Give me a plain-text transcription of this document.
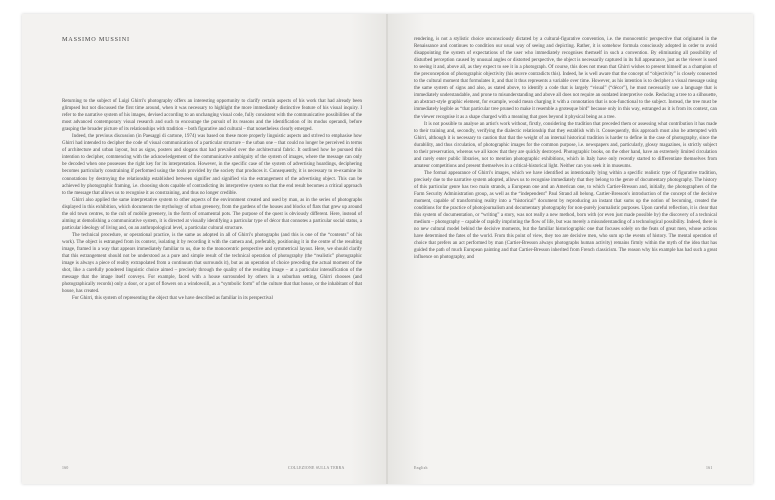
MASSIMO MUSSINI

Returning to the subject of Luigi Ghirri's photography offers an interesting opportunity to clarify certain aspects of his work that had already been glimpsed but not discussed the first time around, when it was necessary to highlight the more immediately distinctive feature of his visual inquiry. I refer to the narrative system of his images, devised according to an unchanging visual code, fully consistent with the communicative possibilities of the most advanced contemporary visual research and such to encourage the pursuit of its reasons and the identification of its modus operandi, before grasping the broader picture of its relationships with tradition – both figurative and cultural – that nonetheless clearly emerged.

Indeed, the previous discussion (in Paesaggi di cartone, 1974) was based on these more properly linguistic aspects and strived to emphasise how Ghirri had intended to decipher the code of visual communication of a particular structure – the urban one – that could no longer be perceived in terms of architecture and urban layout, but as signs, posters and slogans that had prevailed over the architectural fabric. It outlined how he pursued this intention to decipher, commencing with the acknowledgement of the communicative ambiguity of the system of images, where the message can only be decoded when one possesses the right key for its interpretation. However, in the specific case of the system of advertising hoardings, deciphering becomes particularly constraining if performed using the tools provided by the society that produces it. Consequently, it is necessary to re-examine its connotations by destroying the relationship established between signifier and signified via the estrangement of the advertising object. This can be achieved by photographic framing, i.e. choosing shots capable of contradicting its interpretive system so that the end result becomes a critical approach to the message that allows us to recognise it as constraining, and thus no longer credible.

Ghirri also applied the same interpretative system to other aspects of the environment created and used by man, as in the series of photographs displayed in this exhibition, which documents the mythology of urban greenery, from the gardens of the houses and blocks of flats that grew up around the old town centres, to the cult of mobile greenery, in the form of ornamental pots. The purpose of the quest is obviously different. Here, instead of aiming at demolishing a communicative system, it is directed at visually identifying a particular type of décor that connotes a particular social status, a particular ideology of living and, on an anthropological level, a particular cultural structure.

The technical procedure, or operational practice, is the same as adopted in all of Ghirri's photographs (and this is one of the “contents” of his work). The object is estranged from its context, isolating it by recording it with the camera and, preferably, positioning it in the centre of the resulting image, framed in a way that appears immediately familiar to us, due to the monocentric perspective and symmetrical layout. Here, we should clarify that this estrangement should not be understood as a pure and simple result of the technical operation of photography (the “realistic” photographic image is always a piece of reality extrapolated from a continuum that surrounds it), but as an operation of choice preceding the actual moment of the shot, like a carefully pondered linguistic choice aimed – precisely through the quality of the resulting image – at a particular intensification of the message that the image itself conveys. For example, faced with a house surrounded by others in a suburban setting, Ghirri chooses (and photographically records) only a door, or a pot of flowers on a windowsill, as a “symbolic form” of the culture that that house, or the inhabitant of that house, has created.

For Ghirri, this system of representing the object that we have described as familiar in its perspectival

160	COLLEZIONE SULLA TERRA

rendering, is not a stylistic choice unconsciously dictated by a cultural-figurative convention, i.e. the monocentric perspective that originated in the Renaissance and continues to condition our usual way of seeing and depicting. Rather, it is somehow formula consciously adopted in order to avoid disappointing the system of expectations of the user who immediately recognises themself in such a convention. By eliminating all possibility of disturbed perception caused by unusual angles or distorted perspective, the object is necessarily captured in its full appearance, just as the viewer is used to seeing it and, above all, as they expect to see it in a photograph. Of course, this does not mean that Ghirri wishes to present himself as a champion of the preconception of photographic objectivity (his œuvre contradicts this). Indeed, he is well aware that the concept of “objectivity” is closely connected to the cultural moment that formulates it, and that it thus represents a variable over time. However, as his intention is to decipher a visual message using the same system of signs and also, as stated above, to identify a code that is largely “visual” (“décor”), he must necessarily use a language that is immediately understandable, and prone to misunderstanding and above all does not require an outdated interpretive code. Reducing a tree to a silhouette, an abstract-style graphic element, for example, would mean charging it with a connotation that is non-functional to the subject. Instead, the tree must be immediately legible as “that particular tree pruned to make it resemble a grotesque bird” because only in this way, estranged as it is from its context, can the viewer recognise it as a shape charged with a meaning that goes beyond it physical being as a tree.

It is not possible to analyse an artist's work without, firstly, considering the tradition that preceded them or assessing what contribution it has made to their training and, secondly, verifying the dialectic relationship that they establish with it. Consequently, this approach must also be attempted with Ghirri, although it is necessary to caution that that the weight of an internal historical tradition is harder to define in the case of photography, since the durability, and thus circulation, of photographic images for the common purpose, i.e. newspapers and, particularly, glossy magazines, is strictly subject to their preservation, whereas we all know that they are quickly destroyed. Photographic books, on the other hand, have an extremely limited circulation and rarely enter public libraries, not to mention photographic exhibitions, which in Italy have only recently started to differentiate themselves from amateur competitions and present themselves in a critical-historical light. Neither can you seek it in museums.

The formal appearance of Ghirri's images, which we have identified as intentionally lying within a specific realistic type of figurative tradition, precisely due to the narrative system adopted, allows us to recognise immediately that they belong to the genre of documentary photography. The history of this particular genre has two main strands, a European one and an American one, to which Cartier-Bresson and, initially, the photographers of the Farm Security Administration group, as well as the “independent” Paul Strand all belong. Cartier-Bresson's introduction of the concept of the decisive moment, capable of transforming reality into a “historical” document by reproducing an instant that sums up the notion of becoming, created the conditions for the practice of photojournalism and documentary photography for non-purely journalistic purposes. Upon careful reflection, it is clear that this system of documentation, or “writing” a story, was not really a new method, born with (or even just made possible by) the discovery of a technical medium – photography – capable of rapidly imprinting the flow of life, but was merely a misunderstanding of a technological possibility. Indeed, there is no new cultural model behind the decisive moments, but the familiar historiographic one that focuses solely on the feats of great men, whose actions have determined the fates of the world. From this point of view, they too are decisive men, who sum up the events of history. The mental operation of choice that prefers an act performed by man (Cartier-Bresson always photographs human activity) remains firmly within the myth of the idea that has guided the path of much European painting and that Cartier-Bresson inherited from French classicism. The reason why his example has had such a great influence on photography, and

English	161
